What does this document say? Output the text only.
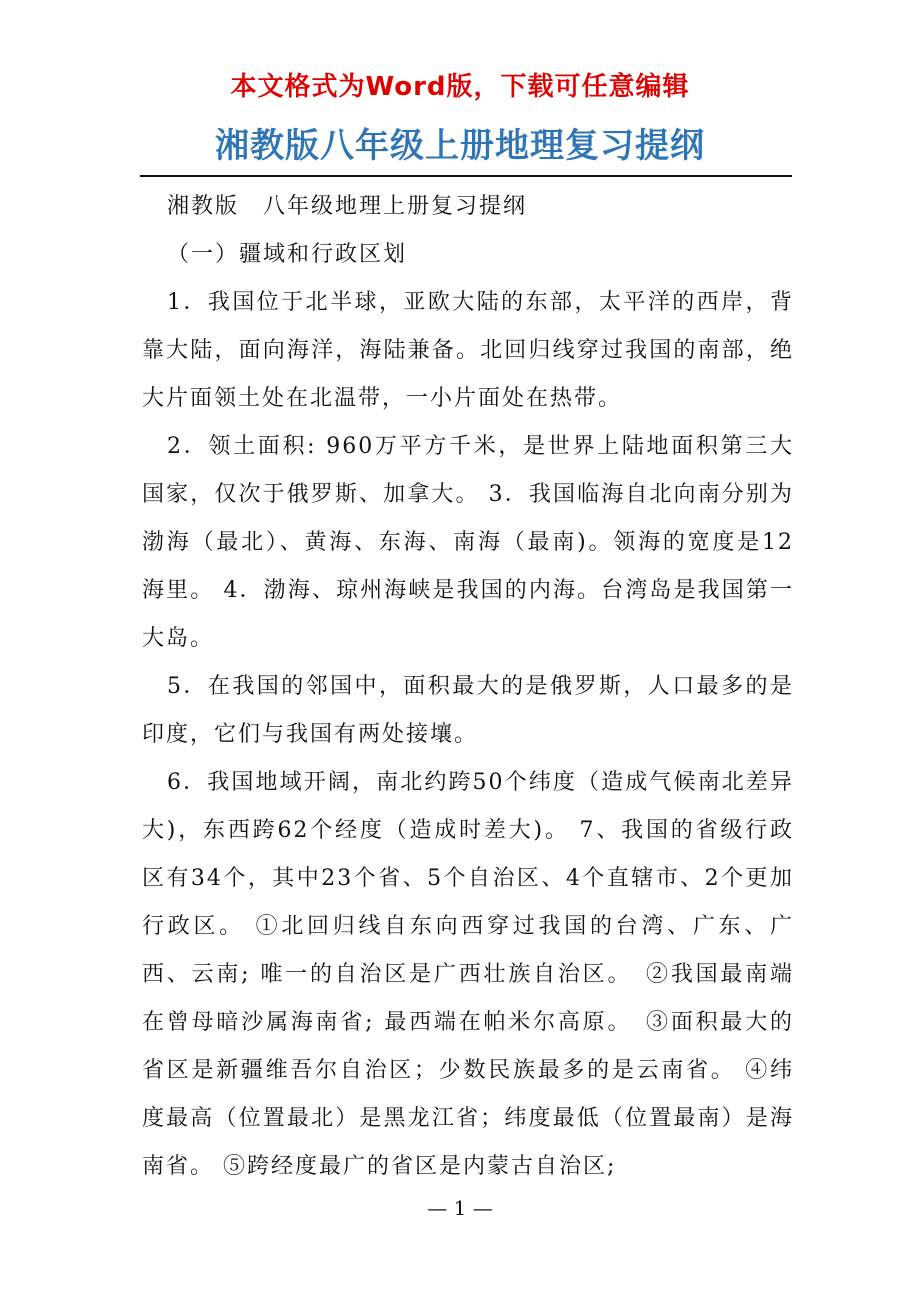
本文格式为Word版，下载可任意编辑
湘教版八年级上册地理复习提纲

湘教版　八年级地理上册复习提纲

（一）疆域和行政区划

1．我国位于北半球，亚欧大陆的东部，太平洋的西岸，背靠大陆，面向海洋，海陆兼备。北回归线穿过我国的南部，绝大片面领土处在北温带，一小片面处在热带。

2．领土面积: 960万平方千米，是世界上陆地面积第三大国家，仅次于俄罗斯、加拿大。 3．我国临海自北向南分别为渤海（最北）、黄海、东海、南海（最南)。领海的宽度是12海里。 4．渤海、琼州海峡是我国的内海。台湾岛是我国第一大岛。

5．在我国的邻国中，面积最大的是俄罗斯，人口最多的是印度，它们与我国有两处接壤。

6．我国地域开阔，南北约跨50个纬度（造成气候南北差异大)，东西跨62个经度（造成时差大)。 7、我国的省级行政区有34个，其中23个省、5个自治区、4个直辖市、2个更加行政区。 ①北回归线自东向西穿过我国的台湾、广东、广西、云南; 唯一的自治区是广西壮族自治区。　②我国最南端在曾母暗沙属海南省; 最西端在帕米尔高原。　③面积最大的省区是新疆维吾尔自治区；少数民族最多的是云南省。 ④纬度最高（位置最北）是黑龙江省；纬度最低（位置最南）是海南省。 ⑤跨经度最广的省区是内蒙古自治区;

— 1 —
